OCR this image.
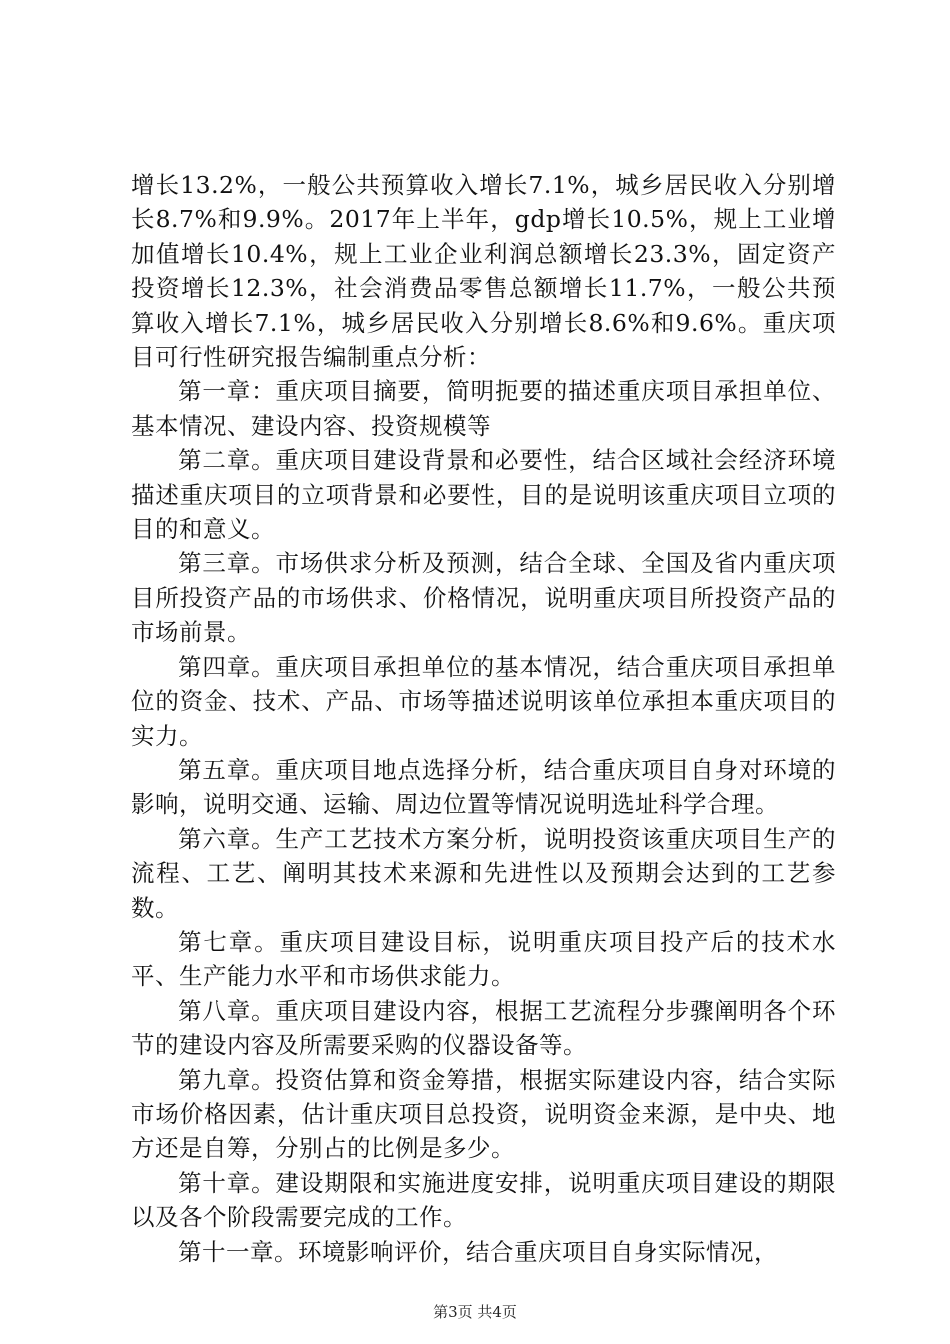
增长13.2%，一般公共预算收入增长7.1%，城乡居民收入分别增长8.7%和9.9%。2017年上半年，gdp增长10.5%，规上工业增加值增长10.4%，规上工业企业利润总额增长23.3%，固定资产投资增长12.3%，社会消费品零售总额增长11.7%，一般公共预算收入增长7.1%，城乡居民收入分别增长8.6%和9.6%。重庆项目可行性研究报告编制重点分析：

第一章：重庆项目摘要，简明扼要的描述重庆项目承担单位、基本情况、建设内容、投资规模等

第二章。重庆项目建设背景和必要性，结合区域社会经济环境描述重庆项目的立项背景和必要性，目的是说明该重庆项目立项的目的和意义。

第三章。市场供求分析及预测，结合全球、全国及省内重庆项目所投资产品的市场供求、价格情况，说明重庆项目所投资产品的市场前景。

第四章。重庆项目承担单位的基本情况，结合重庆项目承担单位的资金、技术、产品、市场等描述说明该单位承担本重庆项目的实力。

第五章。重庆项目地点选择分析，结合重庆项目自身对环境的影响，说明交通、运输、周边位置等情况说明选址科学合理。

第六章。生产工艺技术方案分析，说明投资该重庆项目生产的流程、工艺、阐明其技术来源和先进性以及预期会达到的工艺参数。

第七章。重庆项目建设目标，说明重庆项目投产后的技术水平、生产能力水平和市场供求能力。

第八章。重庆项目建设内容，根据工艺流程分步骤阐明各个环节的建设内容及所需要采购的仪器设备等。

第九章。投资估算和资金筹措，根据实际建设内容，结合实际市场价格因素，估计重庆项目总投资，说明资金来源，是中央、地方还是自筹，分别占的比例是多少。

第十章。建设期限和实施进度安排，说明重庆项目建设的期限以及各个阶段需要完成的工作。

第十一章。环境影响评价，结合重庆项目自身实际情况，

第3页 共4页
